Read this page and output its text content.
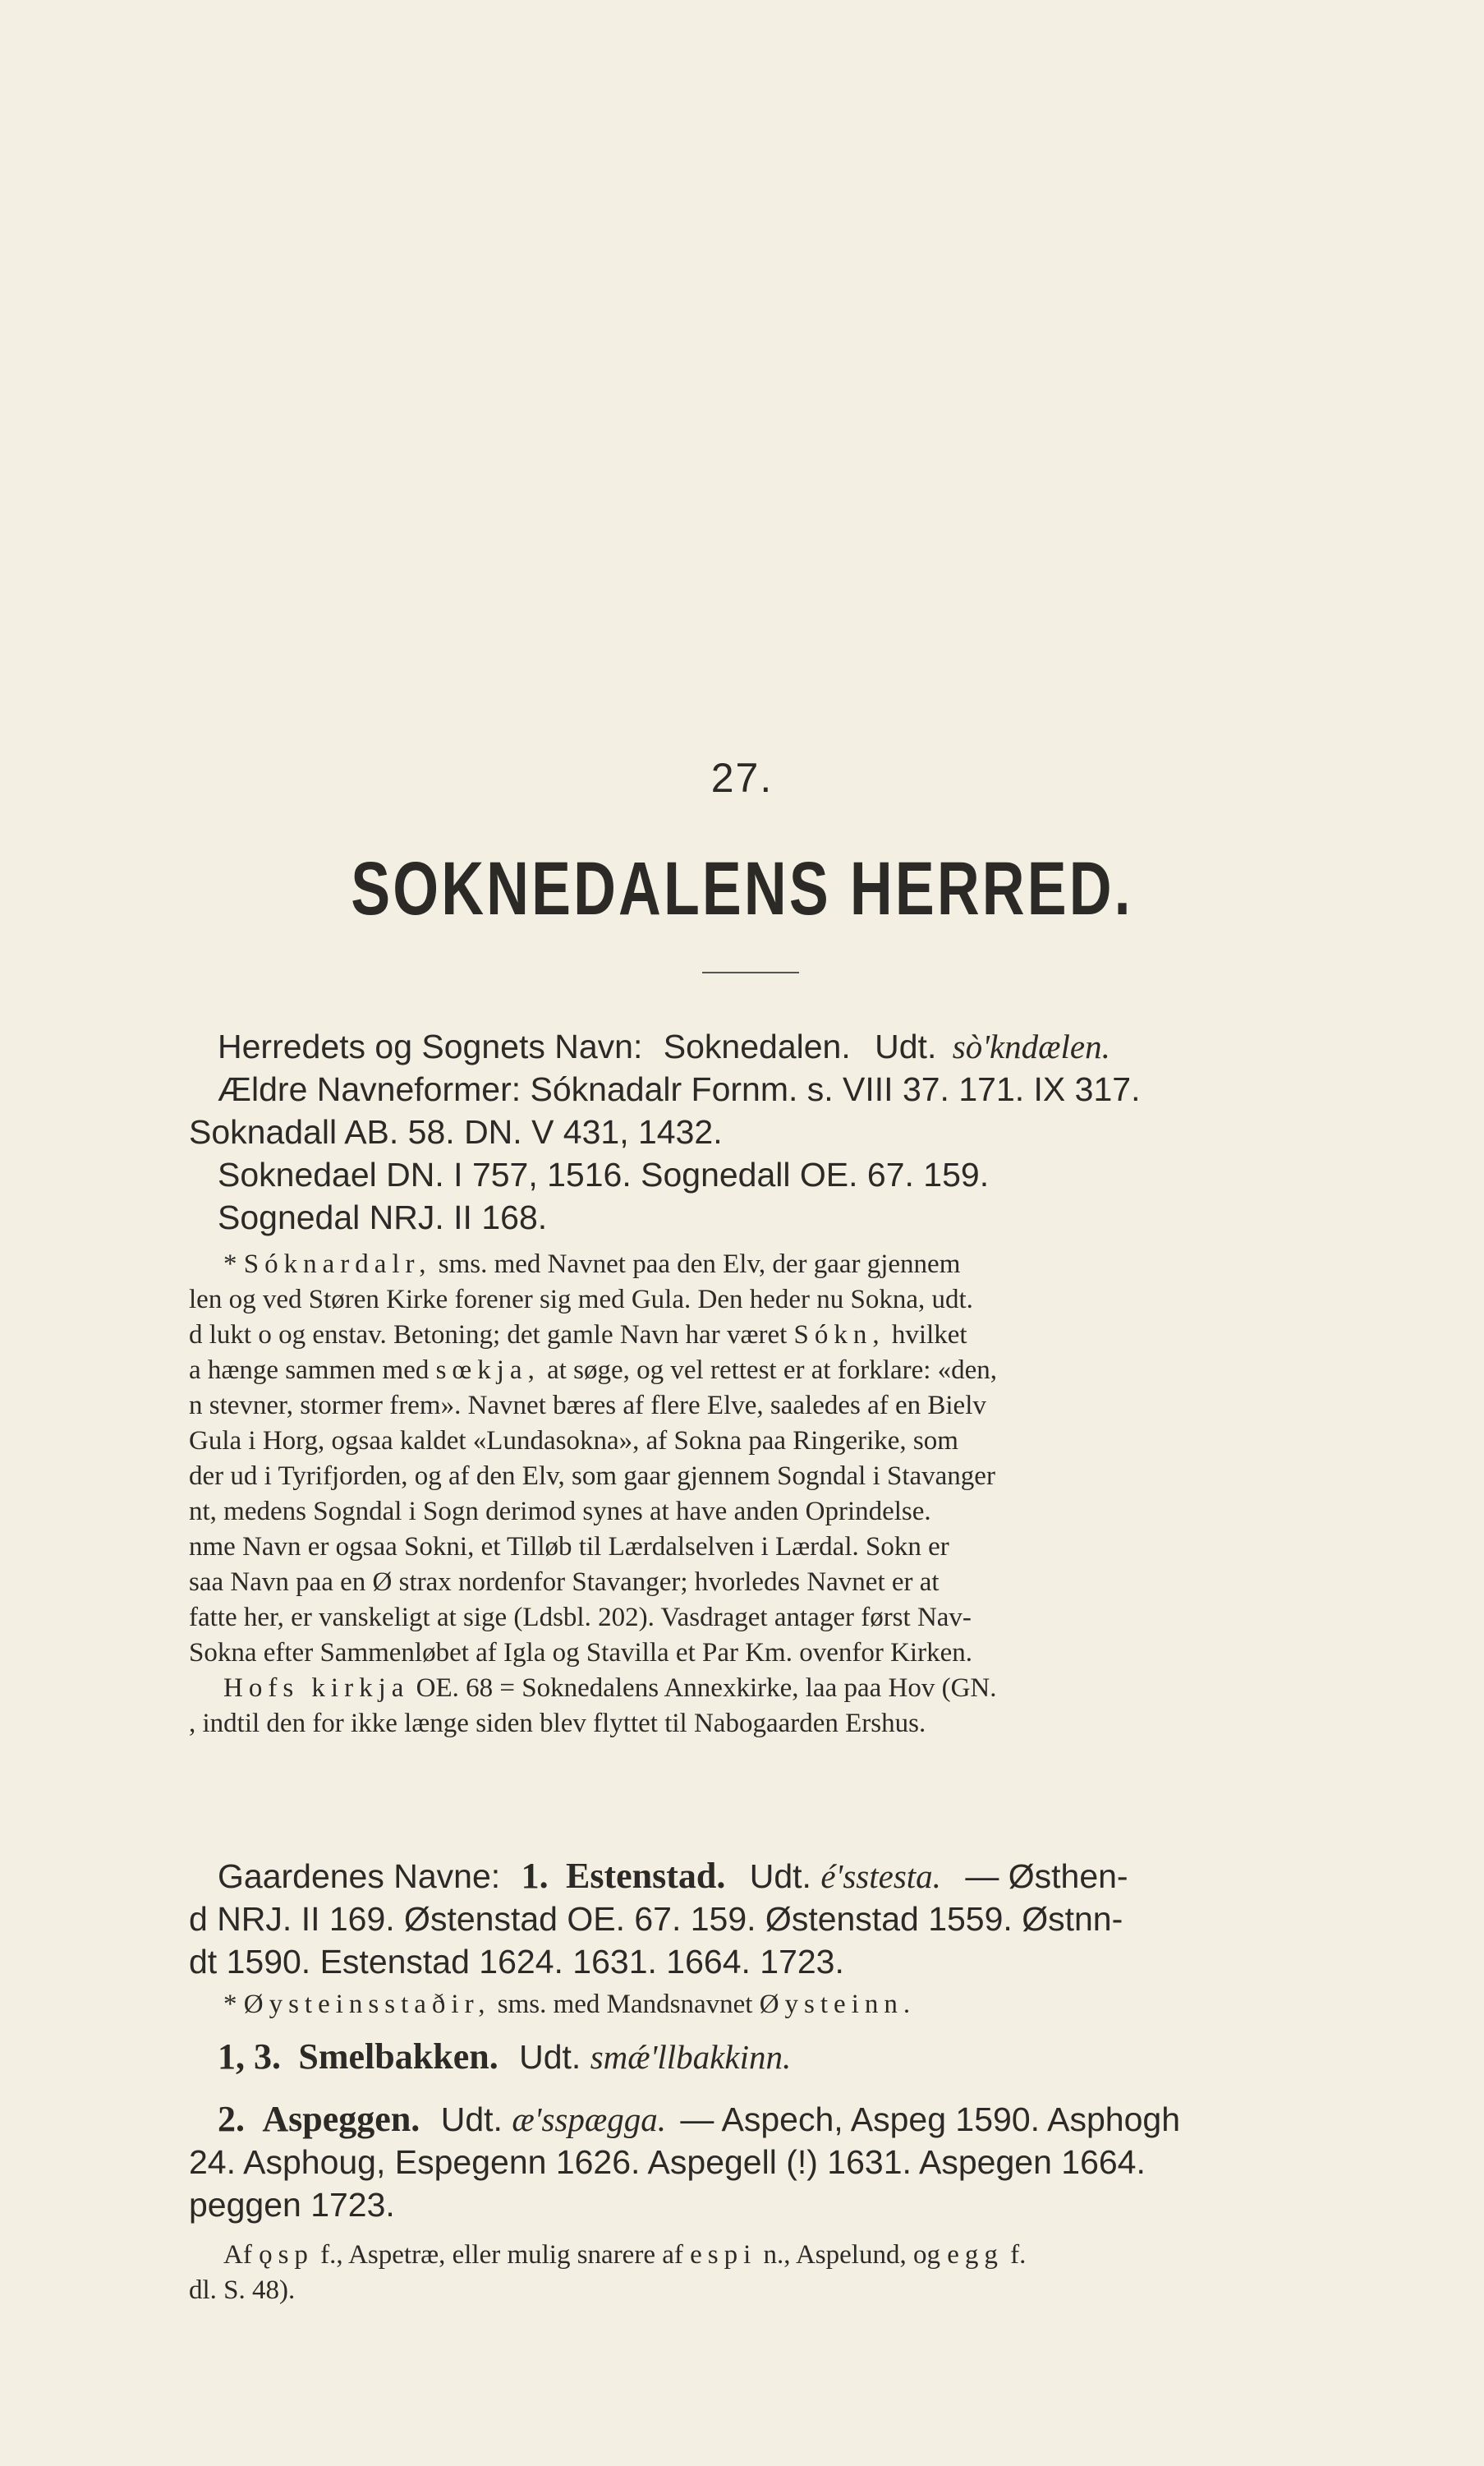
27.
SOKNEDALENS HERRED.
Herredets og Sognets Navn: Soknedalen. Udt. sò'kndælen.
Ældre Navneformer: Sóknadalr Fornm. s. VIII 37. 171. IX 317.
Soknadall AB. 58. DN. V 431, 1432.
Soknedael DN. I 757, 1516. Sognedall OE. 67. 159.
Sognedal NRJ. II 168.
* Sóknardalr, sms. med Navnet paa den Elv, der gaar gjennem
len og ved Støren Kirke forener sig med Gula. Den heder nu Sokna, udt.
d lukt o og enstav. Betoning; det gamle Navn har været Sókn, hvilket
a hænge sammen med sœkja, at søge, og vel rettest er at forklare: «den,
n stevner, stormer frem». Navnet bæres af flere Elve, saaledes af en Bielv
Gula i Horg, ogsaa kaldet «Lundasokna», af Sokna paa Ringerike, som
der ud i Tyrifjorden, og af den Elv, som gaar gjennem Sogndal i Stavanger
nt, medens Sogndal i Sogn derimod synes at have anden Oprindelse.
nme Navn er ogsaa Sokni, et Tilløb til Lærdalselven i Lærdal. Sokn er
saa Navn paa en Ø strax nordenfor Stavanger; hvorledes Navnet er at
fatte her, er vanskeligt at sige (Ldsbl. 202). Vasdraget antager først Nav-
Sokna efter Sammenløbet af Igla og Stavilla et Par Km. ovenfor Kirken.
Hofs kirkja OE. 68 = Soknedalens Annexkirke, laa paa Hov (GN.
, indtil den for ikke længe siden blev flyttet til Nabogaarden Ershus.
Gaardenes Navne: 1. Estenstad. Udt. é'sstesta. — Østhen-
d NRJ. II 169. Østenstad OE. 67. 159. Østenstad 1559. Østnn-
dt 1590. Estenstad 1624. 1631. 1664. 1723.
* Øysteinsstaðir, sms. med Mandsnavnet Øysteinn.
1, 3. Smelbakken. Udt. smǽ'llbakkinn.
2. Aspeggen. Udt. æ'sspægga. — Aspech, Aspeg 1590. Asphogh
24. Asphoug, Espegenn 1626. Aspegell (!) 1631. Aspegen 1664.
peggen 1723.
Af ǫsp f., Aspetræ, eller mulig snarere af espi n., Aspelund, og egg f.
dl. S. 48).
